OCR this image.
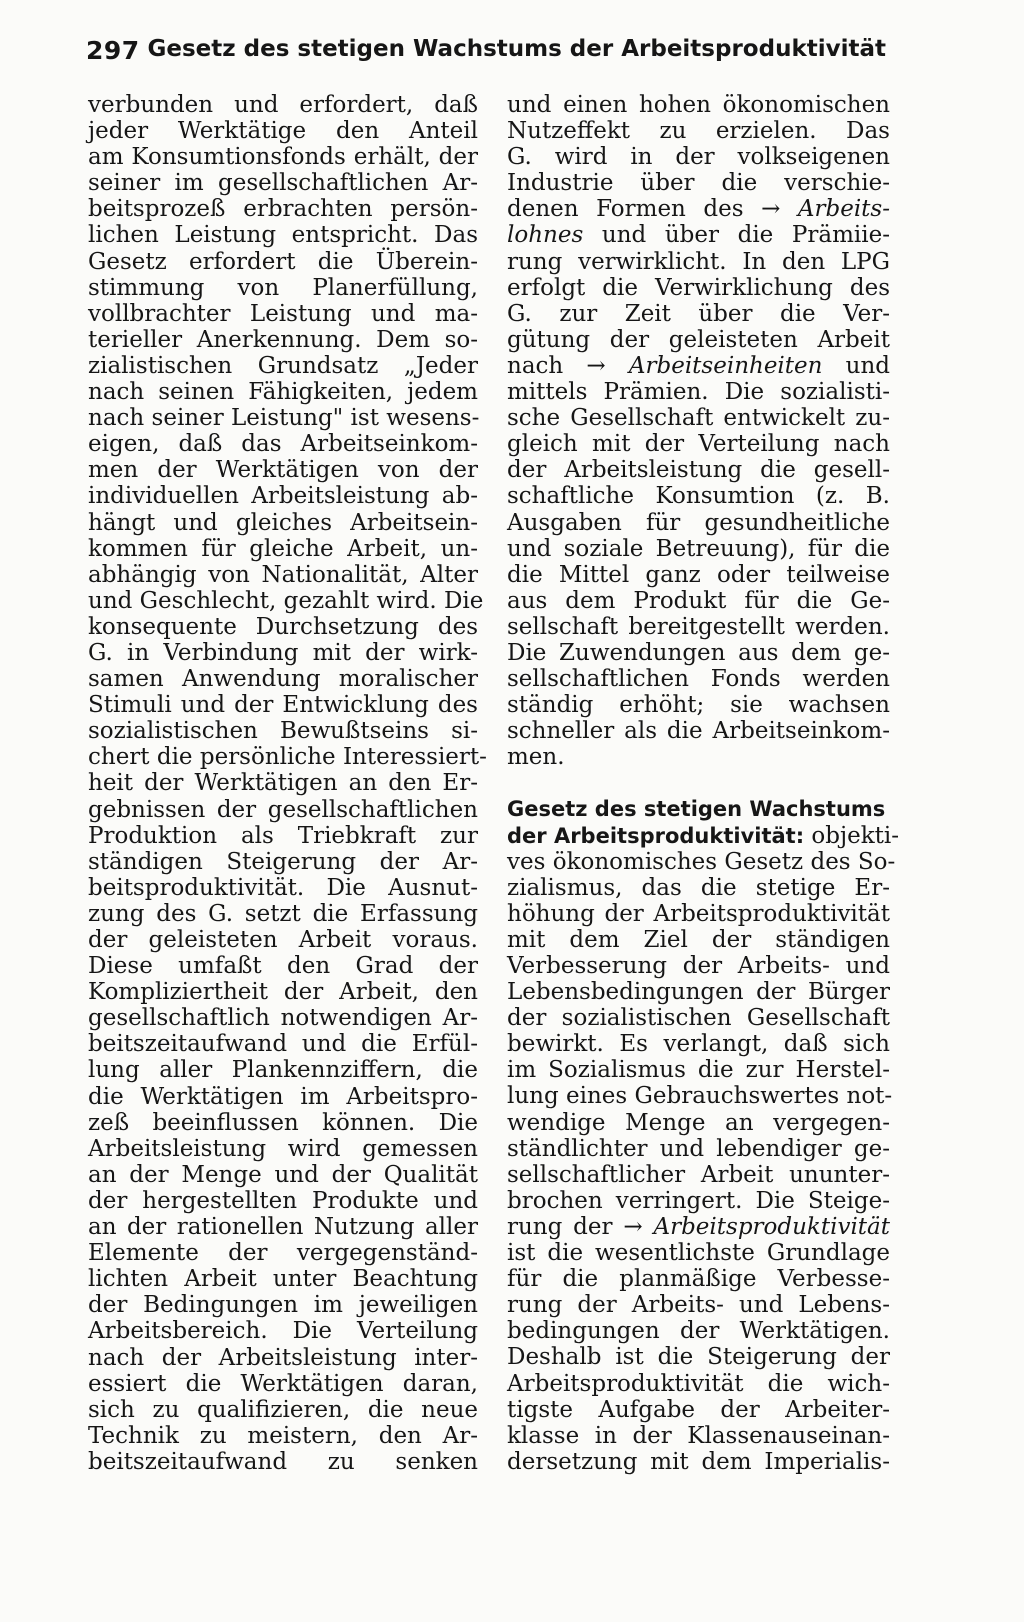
297 Gesetz des stetigen Wachstums der Arbeitsproduktivität
verbunden und erfordert, daß
jeder Werktätige den Anteil
am Konsumtionsfonds erhält, der
seiner im gesellschaftlichen Ar-
beitsprozeß erbrachten persön-
lichen Leistung entspricht. Das
Gesetz erfordert die Überein-
stimmung von Planerfüllung,
vollbrachter Leistung und ma-
terieller Anerkennung. Dem so-
zialistischen Grundsatz „Jeder
nach seinen Fähigkeiten, jedem
nach seiner Leistung" ist wesens-
eigen, daß das Arbeitseinkom-
men der Werktätigen von der
individuellen Arbeitsleistung ab-
hängt und gleiches Arbeitsein-
kommen für gleiche Arbeit, un-
abhängig von Nationalität, Alter
und Geschlecht, gezahlt wird. Die
konsequente Durchsetzung des
G. in Verbindung mit der wirk-
samen Anwendung moralischer
Stimuli und der Entwicklung des
sozialistischen Bewußtseins si-
chert die persönliche Interessiert-
heit der Werktätigen an den Er-
gebnissen der gesellschaftlichen
Produktion als Triebkraft zur
ständigen Steigerung der Ar-
beitsproduktivität. Die Ausnut-
zung des G. setzt die Erfassung
der geleisteten Arbeit voraus.
Diese umfaßt den Grad der
Kompliziertheit der Arbeit, den
gesellschaftlich notwendigen Ar-
beitszeitaufwand und die Erfül-
lung aller Plankennziffern, die
die Werktätigen im Arbeitspro-
zeß beeinflussen können. Die
Arbeitsleistung wird gemessen
an der Menge und der Qualität
der hergestellten Produkte und
an der rationellen Nutzung aller
Elemente der vergegenständ-
lichten Arbeit unter Beachtung
der Bedingungen im jeweiligen
Arbeitsbereich. Die Verteilung
nach der Arbeitsleistung inter-
essiert die Werktätigen daran,
sich zu qualifizieren, die neue
Technik zu meistern, den Ar-
beitszeitaufwand zu senken
und einen hohen ökonomischen
Nutzeffekt zu erzielen. Das
G. wird in der volkseigenen
Industrie über die verschie-
denen Formen des → Arbeits-
lohnes und über die Prämiie-
rung verwirklicht. In den LPG
erfolgt die Verwirklichung des
G. zur Zeit über die Ver-
gütung der geleisteten Arbeit
nach → Arbeitseinheiten und
mittels Prämien. Die sozialisti-
sche Gesellschaft entwickelt zu-
gleich mit der Verteilung nach
der Arbeitsleistung die gesell-
schaftliche Konsumtion (z. B.
Ausgaben für gesundheitliche
und soziale Betreuung), für die
die Mittel ganz oder teilweise
aus dem Produkt für die Ge-
sellschaft bereitgestellt werden.
Die Zuwendungen aus dem ge-
sellschaftlichen Fonds werden
ständig erhöht; sie wachsen
schneller als die Arbeitseinkom-
men.
Gesetz des stetigen Wachstums
der Arbeitsproduktivität: objekti-
ves ökonomisches Gesetz des So-
zialismus, das die stetige Er-
höhung der Arbeitsproduktivität
mit dem Ziel der ständigen
Verbesserung der Arbeits- und
Lebensbedingungen der Bürger
der sozialistischen Gesellschaft
bewirkt. Es verlangt, daß sich
im Sozialismus die zur Herstel-
lung eines Gebrauchswertes not-
wendige Menge an vergegen-
ständlichter und lebendiger ge-
sellschaftlicher Arbeit ununter-
brochen verringert. Die Steige-
rung der → Arbeitsproduktivität
ist die wesentlichste Grundlage
für die planmäßige Verbesse-
rung der Arbeits- und Lebens-
bedingungen der Werktätigen.
Deshalb ist die Steigerung der
Arbeitsproduktivität die wich-
tigste Aufgabe der Arbeiter-
klasse in der Klassenauseinan-
dersetzung mit dem Imperialis-
